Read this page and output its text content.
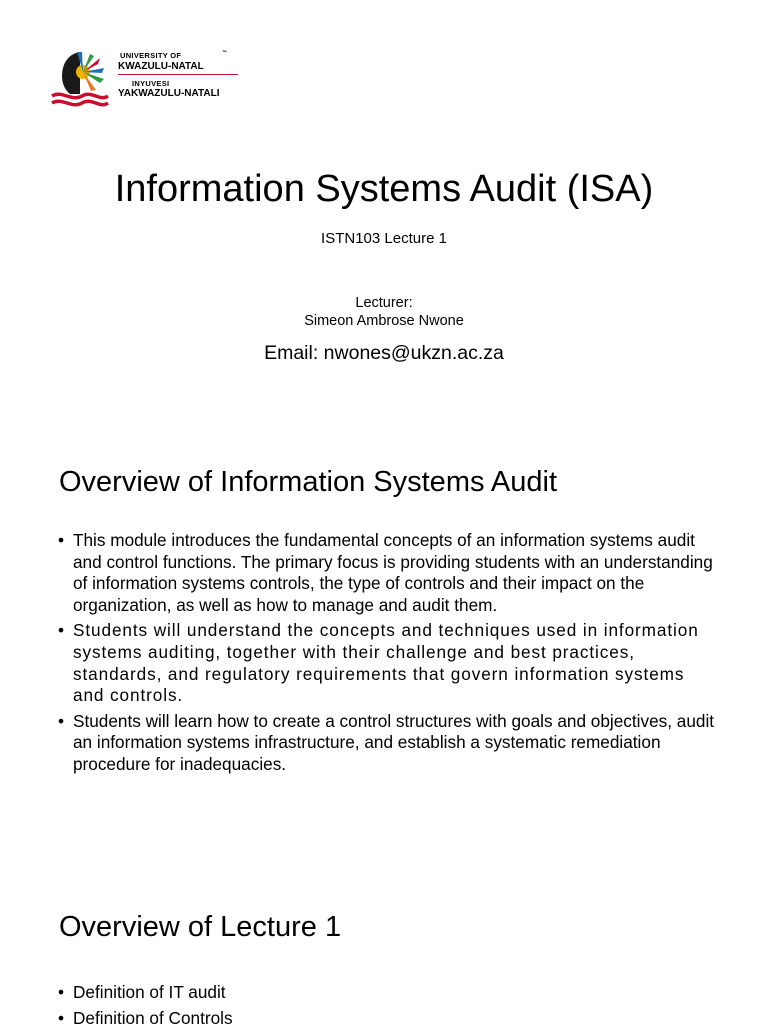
UNIVERSITY OF
KWAZULU-NATAL
INYUVESI
YAKWAZULU-NATALI
™
Information Systems Audit (ISA)
ISTN103 Lecture 1
Lecturer:
Simeon Ambrose Nwone
Email: nwones@ukzn.ac.za
Overview of Information Systems Audit
• This module introduces the fundamental concepts of an information systems audit and control functions. The primary focus is providing students with an understanding of information systems controls, the type of controls and their impact on the organization, as well as how to manage and audit them.
• Students will understand the concepts and techniques used in information systems auditing, together with their challenge and best practices, standards, and regulatory requirements that govern information systems and controls.
• Students will learn how to create a control structures with goals and objectives, audit an information systems infrastructure, and establish a systematic remediation procedure for inadequacies.
Overview of Lecture 1
• Definition of IT audit
• Definition of Controls
